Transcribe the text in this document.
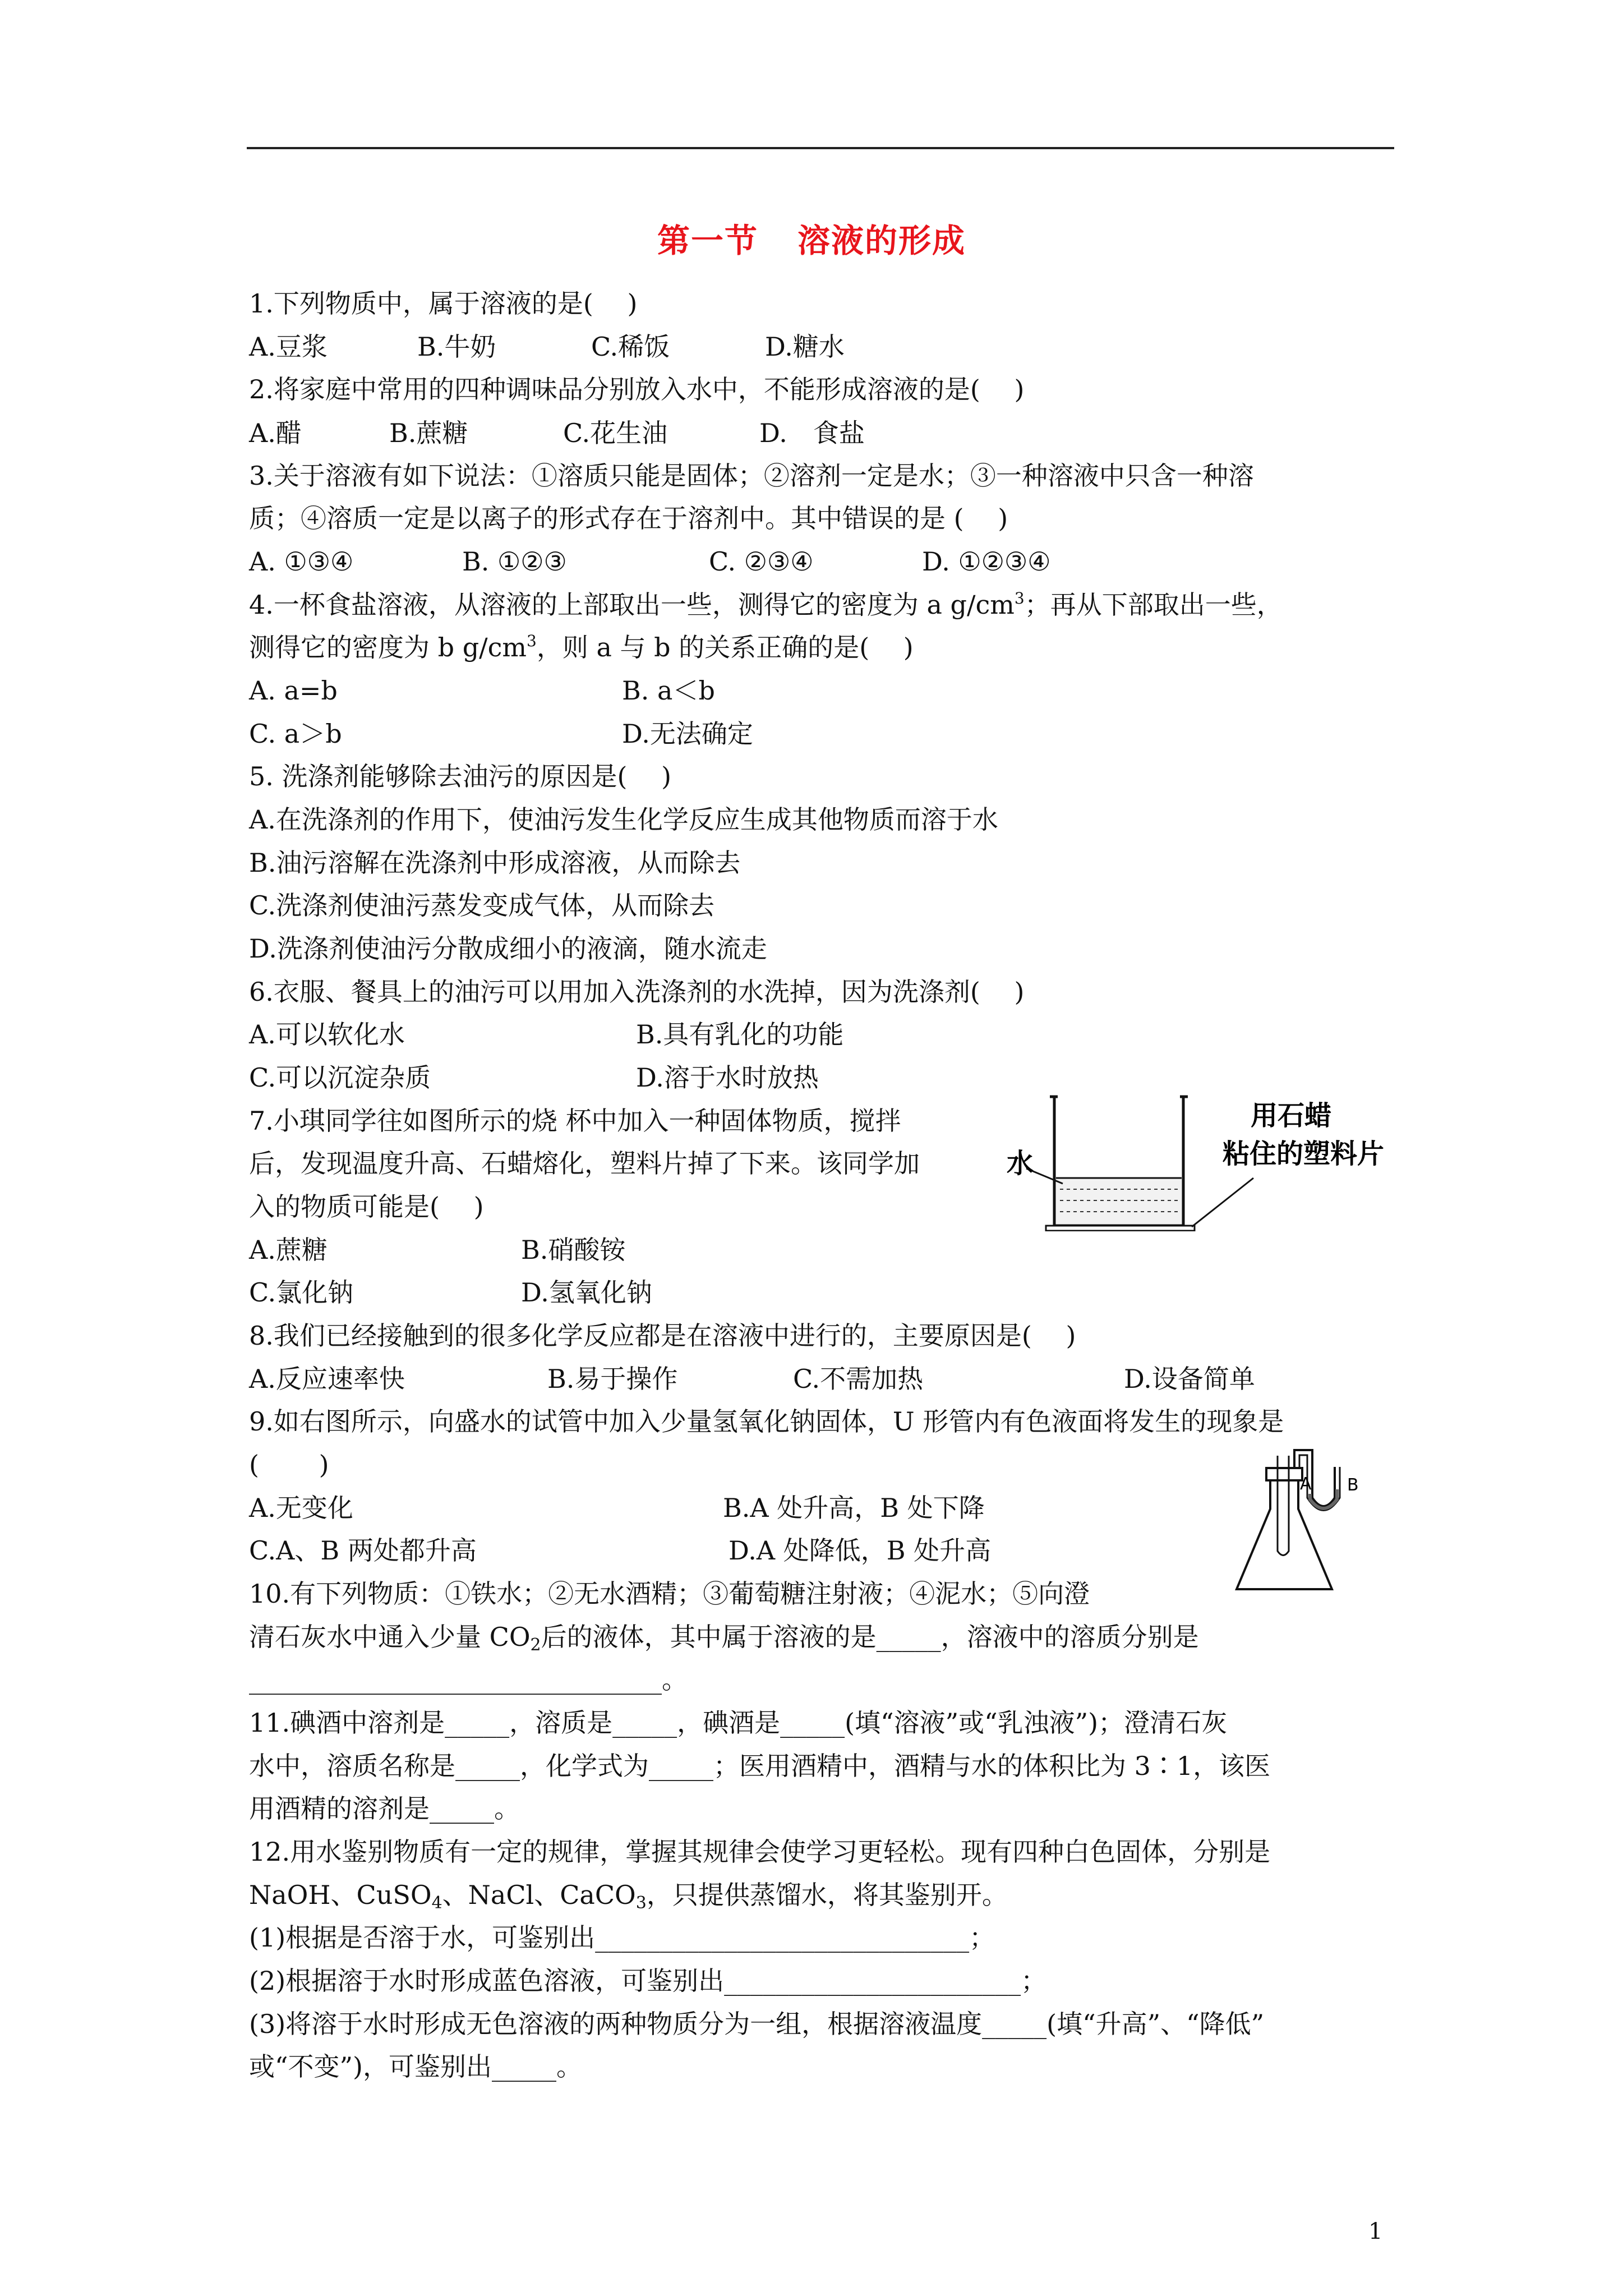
第一节 溶液的形成
1.下列物质中，属于溶液的是(　 )
A.豆浆	B.牛奶	C.稀饭	D.糖水
2.将家庭中常用的四种调味品分别放入水中，不能形成溶液的是(　 )
A.醋	B.蔗糖	C.花生油	D.　食盐
3.关于溶液有如下说法：①溶质只能是固体；②溶剂一定是水；③一种溶液中只含一种溶
质；④溶质一定是以离子的形式存在于溶剂中。其中错误的是 (　 )
A. ①③④	B. ①②③	C. ②③④	D. ①②③④
4.一杯食盐溶液，从溶液的上部取出一些，测得它的密度为 a $g/cm^3$；再从下部取出一些，
测得它的密度为 b $g/cm^3$，则 a 与 b 的关系正确的是(　 )
A. a=b	B. a＜b
C. a＞b	D.无法确定
5. 洗涤剂能够除去油污的原因是(　 )
A.在洗涤剂的作用下，使油污发生化学反应生成其他物质而溶于水
B.油污溶解在洗涤剂中形成溶液，从而除去
C.洗涤剂使油污蒸发变成气体，从而除去
D.洗涤剂使油污分散成细小的液滴，随水流走
6.衣服、餐具上的油污可以用加入洗涤剂的水洗掉，因为洗涤剂(　 )
A.可以软化水	B.具有乳化的功能
C.可以沉淀杂质	D.溶于水时放热
7.小琪同学往如图所示的烧 杯中加入一种固体物质，搅拌
后，发现温度升高、石蜡熔化，塑料片掉了下来。该同学加
入的物质可能是(　 )
A.蔗糖	B.硝酸铵
C.氯化钠	D.氢氧化钠
水
用石蜡
粘住的塑料片
8.我们已经接触到的很多化学反应都是在溶液中进行的，主要原因是(　 )
A.反应速率快	B.易于操作	C.不需加热	D.设备简单
9.如右图所示，向盛水的试管中加入少量氢氧化钠固体，U 形管内有色液面将发生的现象是
(　 　)
A.无变化	B.A 处升高，B 处下降
C.A、B 两处都升高	D.A 处降低，B 处升高
A B
10.有下列物质：①铁水；②无水酒精；③葡萄糖注射液；④泥水；⑤向澄
清石灰水中通入少量 $CO_2$后的液体，其中属于溶液的是_____，溶液中的溶质分别是
________________________________。
11.碘酒中溶剂是_____，溶质是_____，碘酒是_____(填“溶液”或“乳浊液”)；澄清石灰
水中，溶质名称是_____，化学式为_____；医用酒精中，酒精与水的体积比为 3∶1，该医
用酒精的溶剂是_____。
12.用水鉴别物质有一定的规律，掌握其规律会使学习更轻松。现有四种白色固体，分别是
NaOH、CuSO$_4$、NaCl、CaCO$_3$，只提供蒸馏水，将其鉴别开。
(1)根据是否溶于水，可鉴别出_____________________________；
(2)根据溶于水时形成蓝色溶液，可鉴别出_______________________；
(3)将溶于水时形成无色溶液的两种物质分为一组，根据溶液温度_____(填“升高”、“降低”
或“不变”)，可鉴别出_____。
1
